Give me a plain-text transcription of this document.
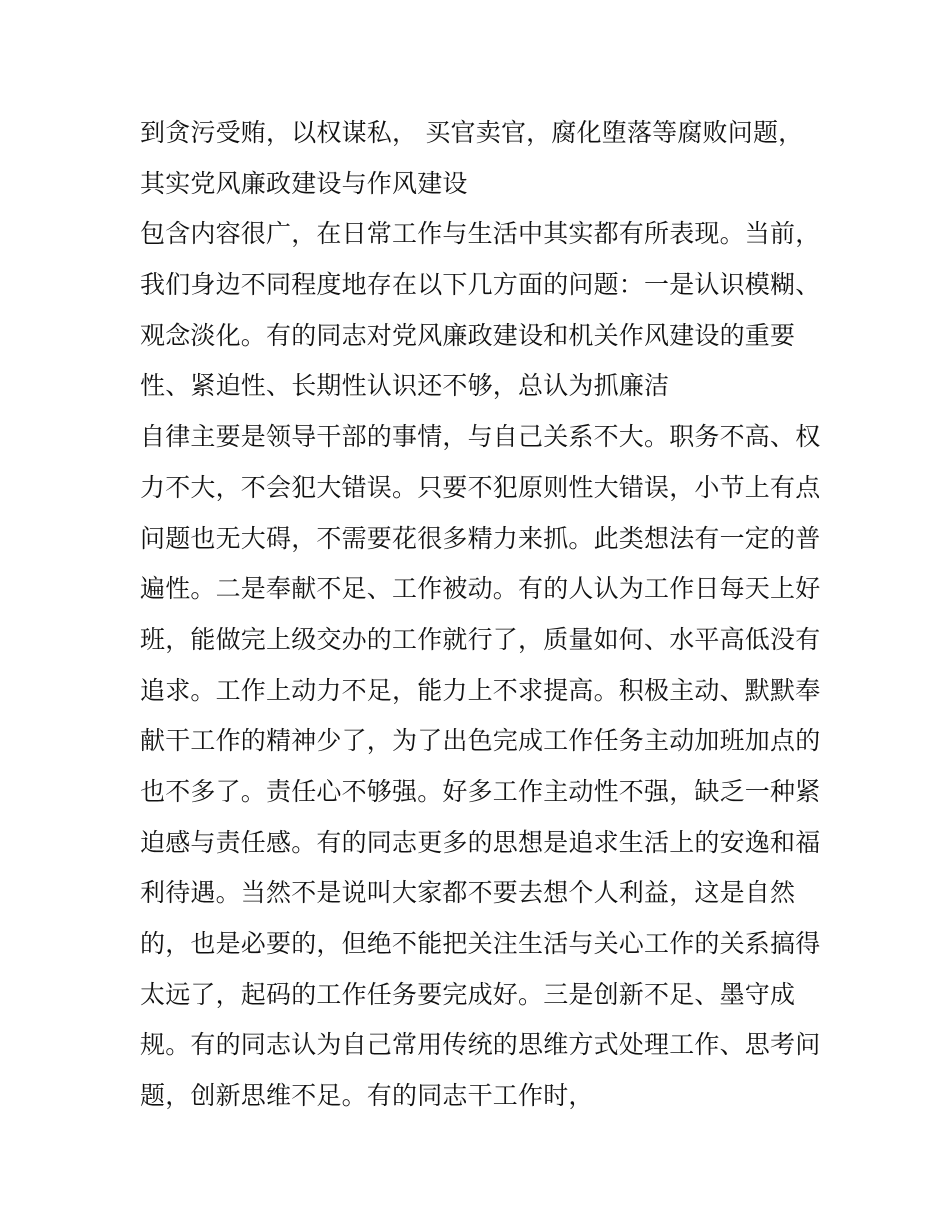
到贪污受贿，以权谋私， 买官卖官，腐化堕落等腐败问题，
其实党风廉政建设与作风建设
包含内容很广，在日常工作与生活中其实都有所表现。当前，
我们身边不同程度地存在以下几方面的问题：一是认识模糊、
观念淡化。有的同志对党风廉政建设和机关作风建设的重要
性、紧迫性、长期性认识还不够，总认为抓廉洁
自律主要是领导干部的事情，与自己关系不大。职务不高、权
力不大，不会犯大错误。只要不犯原则性大错误，小节上有点
问题也无大碍，不需要花很多精力来抓。此类想法有一定的普
遍性。二是奉献不足、工作被动。有的人认为工作日每天上好
班，能做完上级交办的工作就行了，质量如何、水平高低没有
追求。工作上动力不足，能力上不求提高。积极主动、默默奉
献干工作的精神少了，为了出色完成工作任务主动加班加点的
也不多了。责任心不够强。好多工作主动性不强，缺乏一种紧
迫感与责任感。有的同志更多的思想是追求生活上的安逸和福
利待遇。当然不是说叫大家都不要去想个人利益，这是自然
的，也是必要的，但绝不能把关注生活与关心工作的关系搞得
太远了，起码的工作任务要完成好。三是创新不足、墨守成
规。有的同志认为自己常用传统的思维方式处理工作、思考问
题，创新思维不足。有的同志干工作时，
